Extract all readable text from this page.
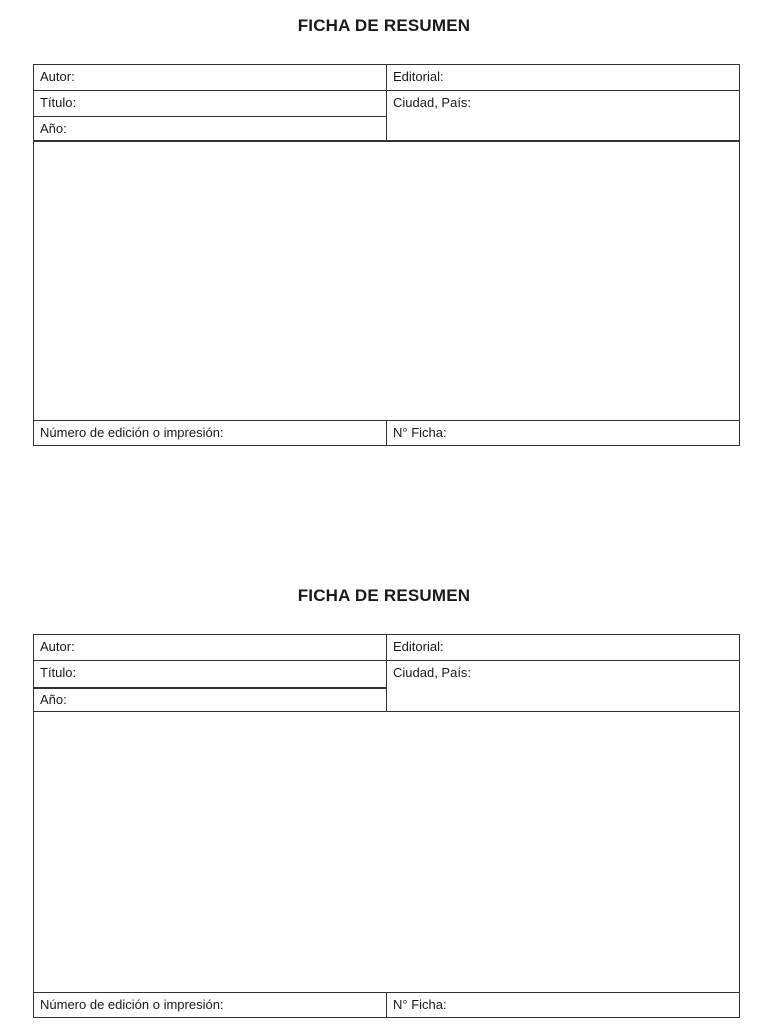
FICHA DE RESUMEN
Autor:
Título:
Año:
Editorial:
Ciudad, País:
Número de edición o impresión:	N° Ficha:
FICHA DE RESUMEN
Autor:
Título:
Año:
Editorial:
Ciudad, País:
Número de edición o impresión:	N° Ficha:
